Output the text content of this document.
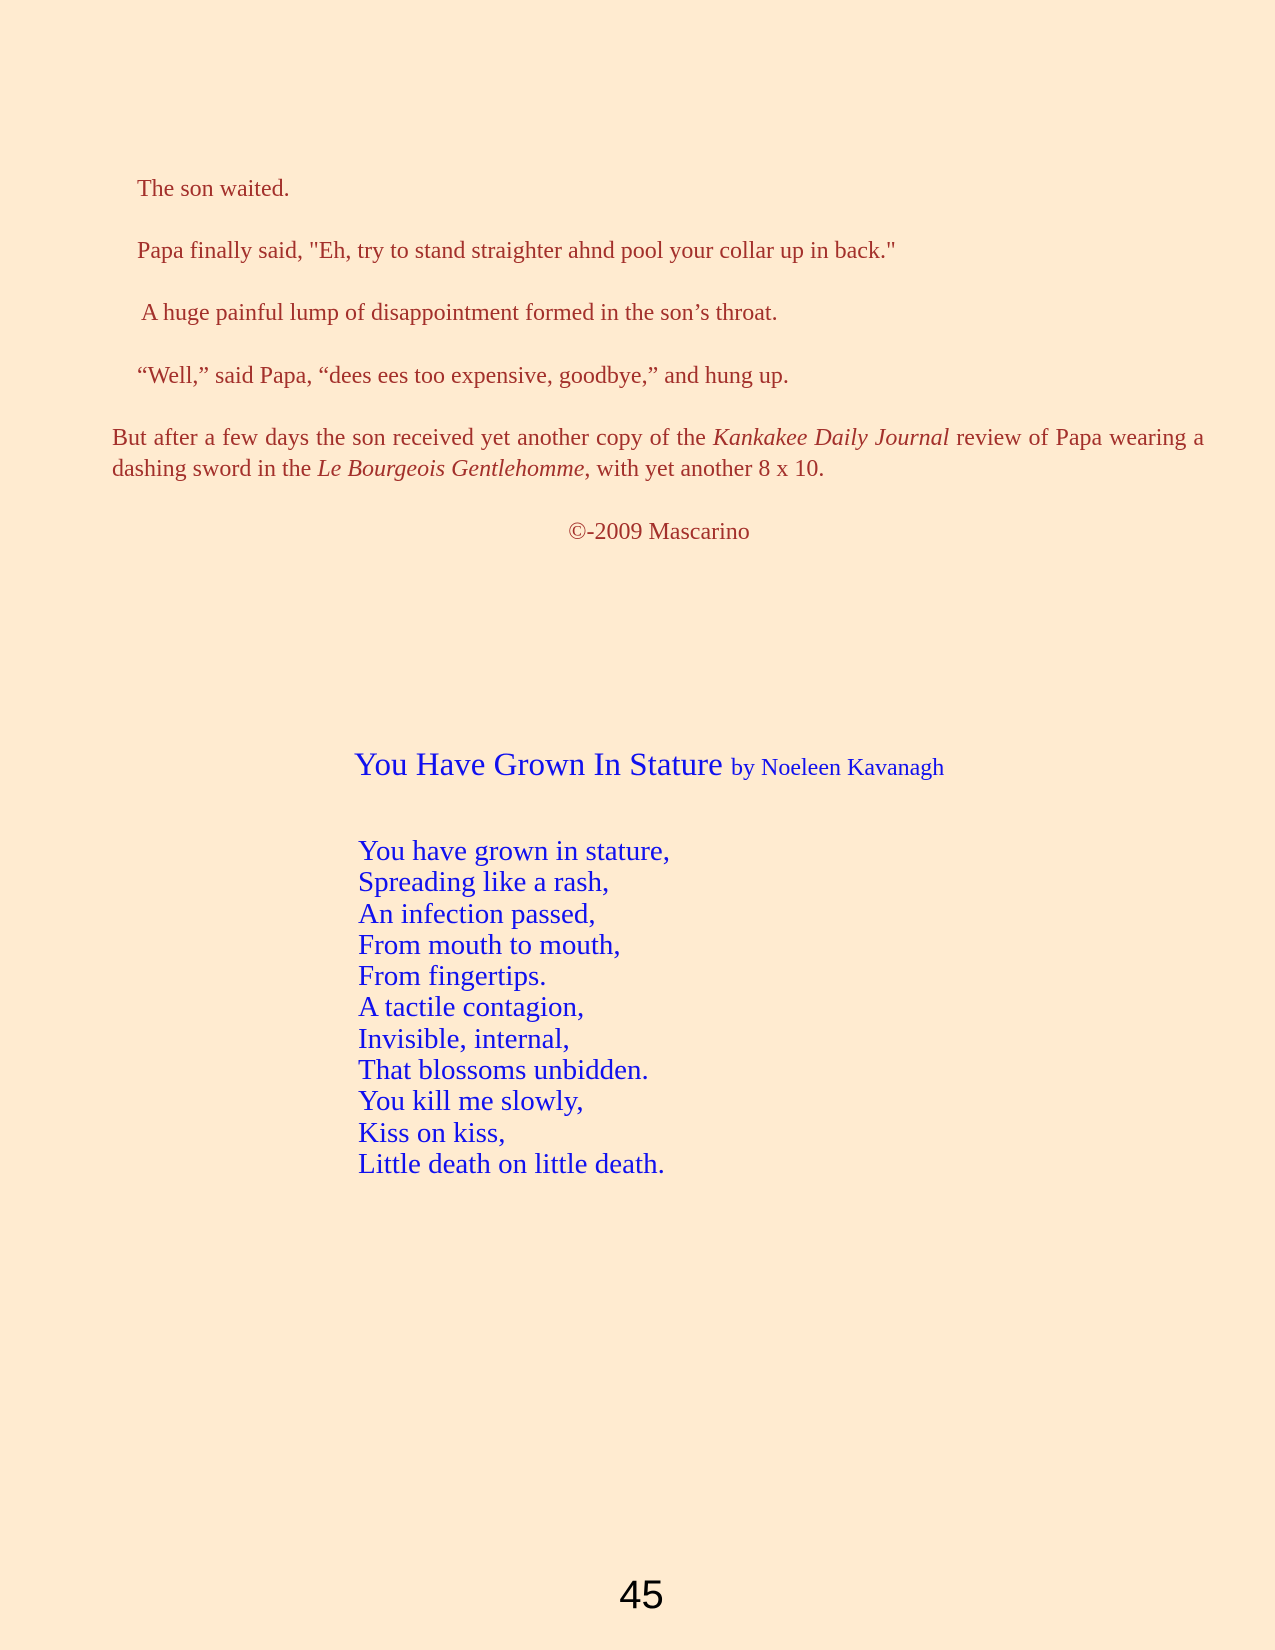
The son waited.

Papa finally said, "Eh, try to stand straighter ahnd pool your collar up in back."

A huge painful lump of disappointment formed in the son’s throat.

“Well,” said Papa, “dees ees too expensive, goodbye,” and hung up.

But after a few days the son received yet another copy of the Kankakee Daily Journal review of Papa wearing a dashing sword in the Le Bourgeois Gentlehomme, with yet another 8 x 10.

©-2009 Mascarino

You Have Grown In Stature by Noeleen Kavanagh
You have grown in stature,
Spreading like a rash,
An infection passed,
From mouth to mouth,
From fingertips.
A tactile contagion,
Invisible, internal,
That blossoms unbidden.
You kill me slowly,
Kiss on kiss,
Little death on little death.
45
